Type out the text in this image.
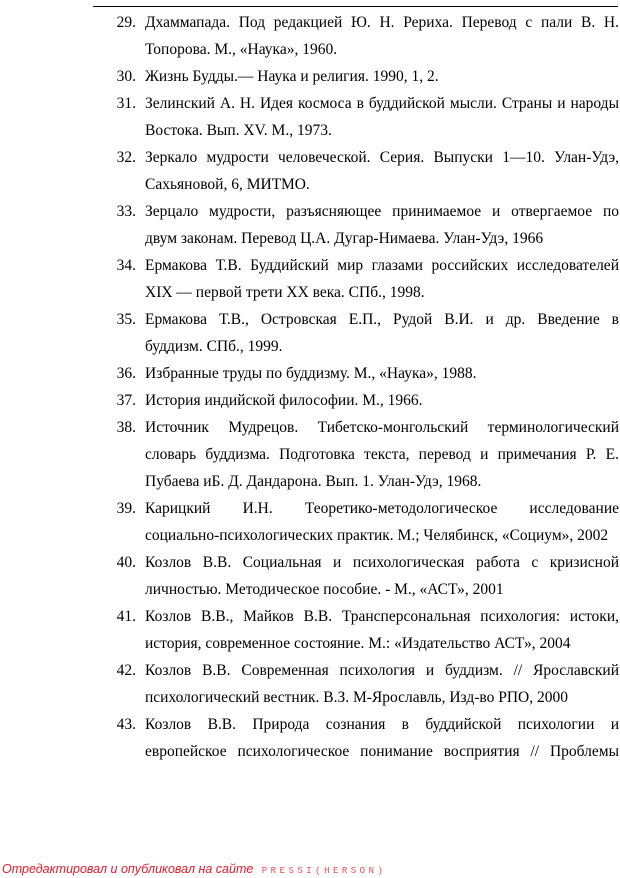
29. Дхаммапада. Под редакцией Ю. Н. Рериха. Перевод с пали В. Н.
Топорова. М., «Наука», 1960.
30. Жизнь Будды.— Наука и религия. 1990, 1, 2.
31. Зелинский А. Н. Идея космоса в буддийской мысли. Страны и народы
Востока. Вып. XV. М., 1973.
32. Зеркало мудрости человеческой. Серия. Выпуски 1—10. Улан-Удэ,
Сахьяновой, 6, МИТМО.
33. Зерцало мудрости, разъясняющее принимаемое и отвергаемое по
двум законам. Перевод Ц.А. Дугар-Нимаева. Улан-Удэ, 1966
34. Ермакова Т.В. Буддийский мир глазами российских исследователей
XIX — первой трети XX века. СПб., 1998.
35. Ермакова Т.В., Островская Е.П., Рудой В.И. и др. Введение в
буддизм. СПб., 1999.
36. Избранные труды по буддизму. М., «Наука», 1988.
37. История индийской философии. М., 1966.
38. Источник Мудрецов. Тибетско-монгольский терминологический
словарь буддизма. Подготовка текста, перевод и примечания Р. Е.
Пубаева иБ. Д. Дандарона. Вып. 1. Улан-Удэ, 1968.
39. Карицкий И.Н. Теоретико-методологическое исследование
социально-психологических практик. М.; Челябинск, «Социум», 2002
40. Козлов В.В. Социальная и психологическая работа с кризисной
личностью. Методическое пособие. - М., «АСТ», 2001
41. Козлов В.В., Майков В.В. Трансперсональная психология: истоки,
история, современное состояние. М.: «Издательство АСТ», 2004
42. Козлов В.В. Современная психология и буддизм. // Ярославский
психологический вестник. В.З. М-Ярославль, Изд-во РПО, 2000
43. Козлов В.В. Природа сознания в буддийской психологии и
европейское психологическое понимание восприятия // Проблемы
Отредактировал и опубликовал на сайте PRESSI(HERSON)
